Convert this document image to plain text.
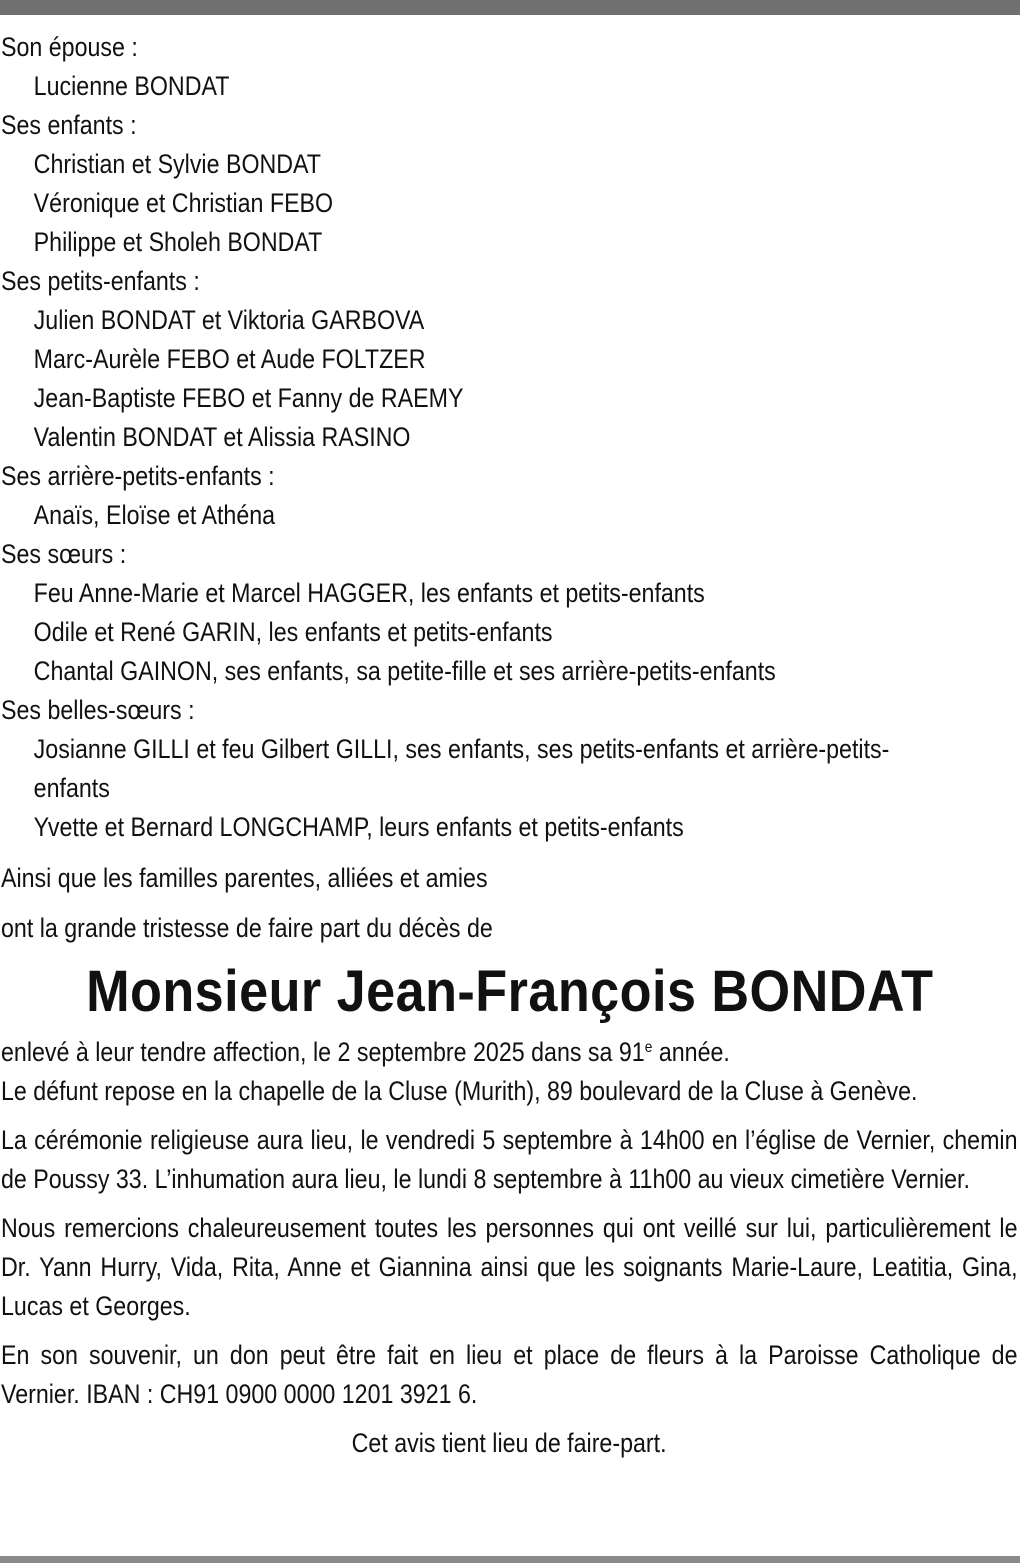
Son épouse :
Lucienne BONDAT
Ses enfants :
Christian et Sylvie BONDAT
Véronique et Christian FEBO
Philippe et Sholeh BONDAT
Ses petits-enfants :
Julien BONDAT et Viktoria GARBOVA
Marc-Aurèle FEBO et Aude FOLTZER
Jean-Baptiste FEBO et Fanny de RAEMY
Valentin BONDAT et Alissia RASINO
Ses arrière-petits-enfants :
Anaïs, Eloïse et Athéna
Ses sœurs :
Feu Anne-Marie et Marcel HAGGER, les enfants et petits-enfants
Odile et René GARIN, les enfants et petits-enfants
Chantal GAINON, ses enfants, sa petite-fille et ses arrière-petits-enfants
Ses belles-sœurs :
Josianne GILLI et feu Gilbert GILLI, ses enfants, ses petits-enfants et arrière-petits-enfants
Yvette et Bernard LONGCHAMP, leurs enfants et petits-enfants
Ainsi que les familles parentes, alliées et amies
ont la grande tristesse de faire part du décès de
Monsieur Jean-François BONDAT
enlevé à leur tendre affection, le 2 septembre 2025 dans sa 91e année.
Le défunt repose en la chapelle de la Cluse (Murith), 89 boulevard de la Cluse à Genève.
La cérémonie religieuse aura lieu, le vendredi 5 septembre à 14h00 en l’église de Vernier, chemin de Poussy 33. L’inhumation aura lieu, le lundi 8 septembre à 11h00 au vieux cimetière Vernier.
Nous remercions chaleureusement toutes les personnes qui ont veillé sur lui, particulièrement le Dr. Yann Hurry, Vida, Rita, Anne et Giannina ainsi que les soignants Marie-Laure, Leatitia, Gina, Lucas et Georges.
En son souvenir, un don peut être fait en lieu et place de fleurs à la Paroisse Catholique de Vernier. IBAN : CH91 0900 0000 1201 3921 6.
Cet avis tient lieu de faire-part.
